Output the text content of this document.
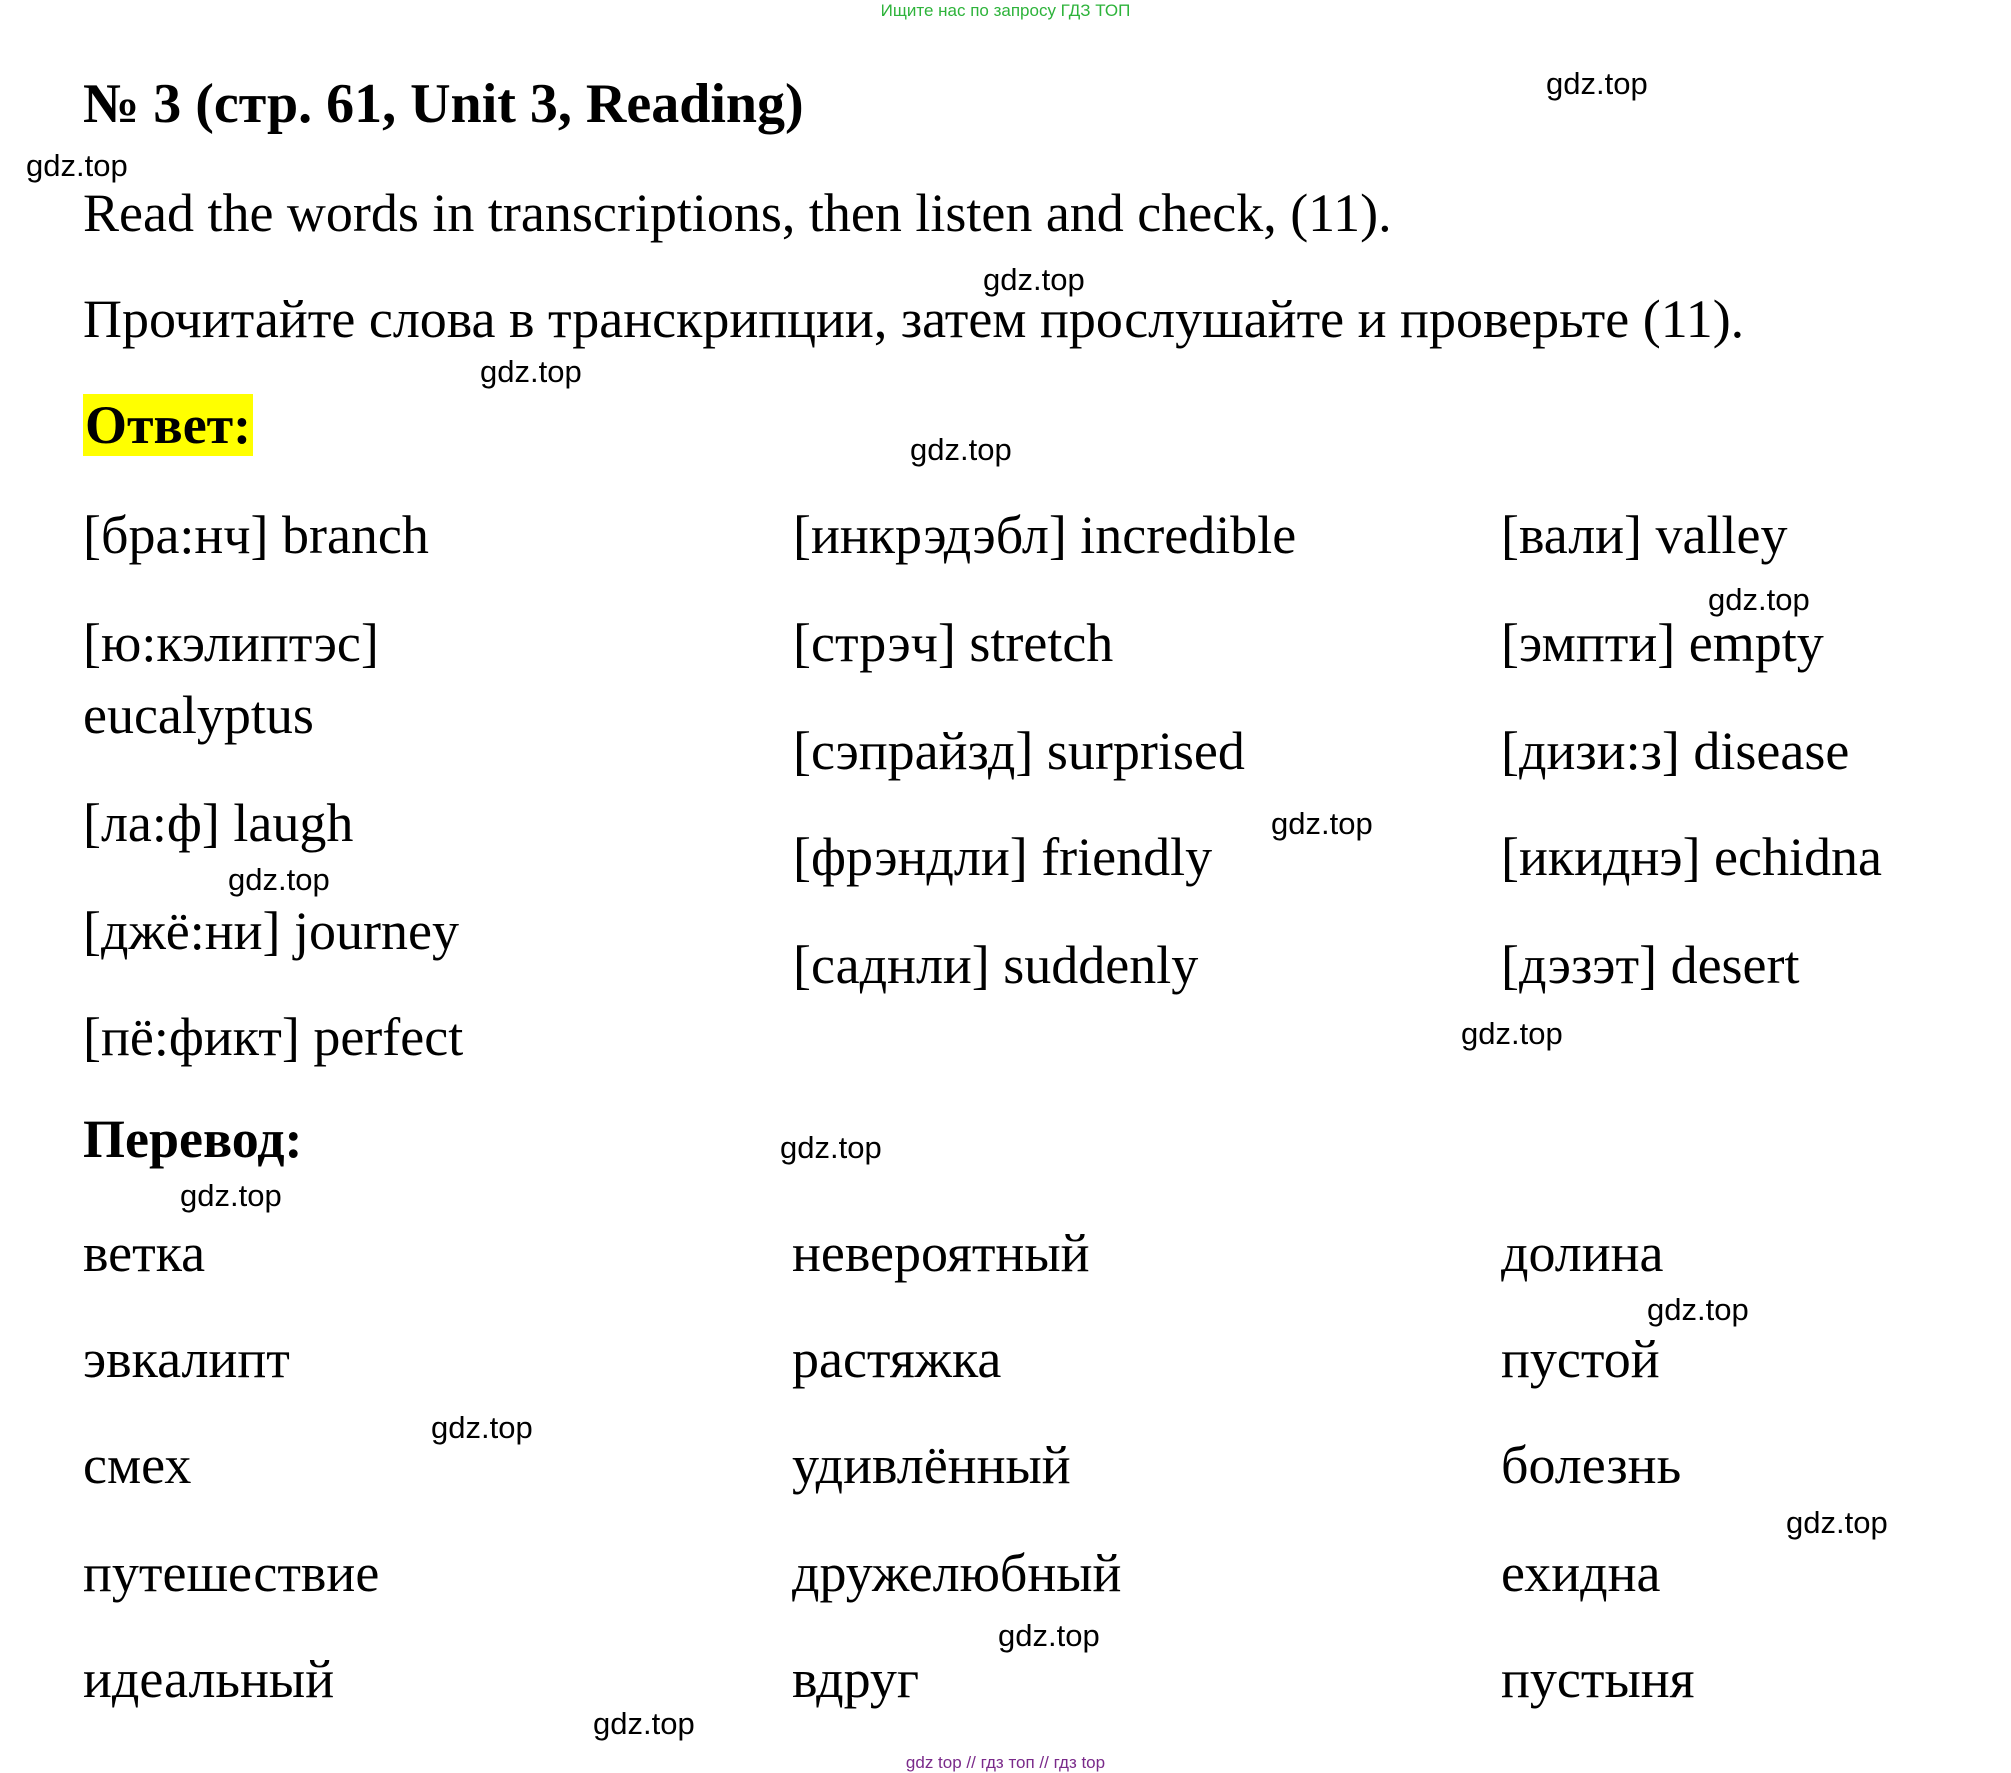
Ищите нас по запросу ГДЗ ТОП
№ 3 (стр. 61, Unit 3, Reading)
Read the words in transcriptions, then listen and check, (11).
Прочитайте слова в транскрипции, затем прослушайте и проверьте (11).
Ответ:
[бра:нч] branch
[ю:кэлиптэс]
eucalyptus
[ла:ф] laugh
[джё:ни] journey
[пё:фикт] perfect
[инкрэдэбл] incredible
[стрэч] stretch
[сэпрайзд] surprised
[фрэндли] friendly
[саднли] suddenly
[вали] valley
[эмпти] empty
[дизи:з] disease
[икиднэ] echidna
[дэзэт] desert
Перевод:
ветка
эвкалипт
смех
путешествие
идеальный
невероятный
растяжка
удивлённый
дружелюбный
вдруг
долина
пустой
болезнь
ехидна
пустыня
gdz.top
gdz.top
gdz.top
gdz.top
gdz.top
gdz.top
gdz.top
gdz.top
gdz.top
gdz.top
gdz.top
gdz.top
gdz.top
gdz.top
gdz.top
gdz.top
gdz top // гдз топ // гдз top
